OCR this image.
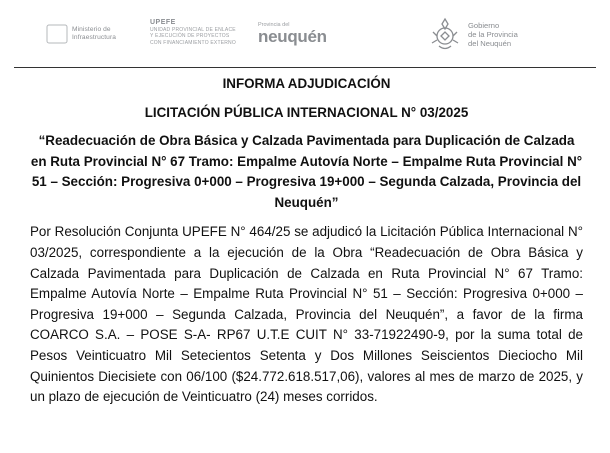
Ministerio de
Infraestructura
UPEFE
UNIDAD PROVINCIAL DE ENLACE
Y EJECUCIÓN DE PROYECTOS
CON FINANCIAMIENTO EXTERNO
Provincia del
neuquén
Gobierno
de la Provincia
del Neuquén

INFORMA ADJUDICACIÓN

LICITACIÓN PÚBLICA INTERNACIONAL N° 03/2025

“Readecuación de Obra Básica y Calzada Pavimentada para Duplicación de Calzada en Ruta Provincial N° 67 Tramo: Empalme Autovía Norte – Empalme Ruta Provincial N° 51 – Sección: Progresiva 0+000 – Progresiva 19+000 – Segunda Calzada, Provincia del Neuquén”

Por Resolución Conjunta UPEFE N° 464/25 se adjudicó la Licitación Pública Internacional N° 03/2025, correspondiente a la ejecución de la Obra “Readecuación de Obra Básica y Calzada Pavimentada para Duplicación de Calzada en Ruta Provincial N° 67 Tramo: Empalme Autovía Norte – Empalme Ruta Provincial N° 51 – Sección: Progresiva 0+000 – Progresiva 19+000 – Segunda Calzada, Provincia del Neuquén”, a favor de la firma COARCO S.A. – POSE S-A- RP67 U.T.E CUIT N° 33-71922490-9, por la suma total de Pesos Veinticuatro Mil Setecientos Setenta y Dos Millones Seiscientos Dieciocho Mil Quinientos Diecisiete con 06/100 ($24.772.618.517,06), valores al mes de marzo de 2025, y un plazo de ejecución de Veinticuatro (24) meses corridos.
